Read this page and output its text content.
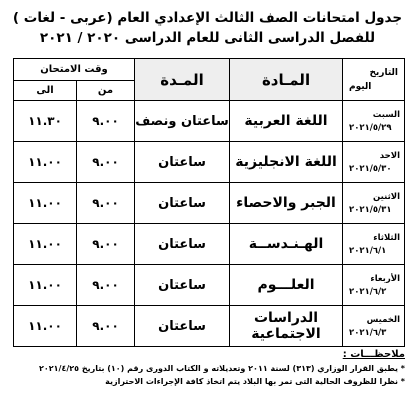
جدول امتحانات الصف الثالث الإعدادي العام (عربى - لغات )
للفصل الدراسى الثانى للعام الدراسى ٢٠٢٠ / ٢٠٢١
التاريخ
اليوم	المـادة	المـدة	وقت الامتحان	
			من	الى

السبت
٢٠٢١/٥/٢٩	اللغة العربية	ساعتان ونصف	٩.٠٠	١١.٣٠

الاحد
٢٠٢١/٥/٣٠	اللغة الانجليزية	ساعتان	٩.٠٠	١١.٠٠

الاثنين
٢٠٢١/٥/٣١	الجبر والاحصاء	ساعتان	٩.٠٠	١١.٠٠

الثلاثاء
٢٠٢١/٦/١	الهـنـدســة	ساعتان	٩.٠٠	١١.٠٠

الأربعاء
٢٠٢١/٦/٢	العلـــوم	ساعتان	٩.٠٠	١١.٠٠

الخميس
٢٠٢١/٦/٣	الدراسات الاجتماعية	ساعتان	٩.٠٠	١١.٠٠
ملاحظـــات :
* يطبق القرار الوزاري (٣١٣) لسنة ٢٠١١ وتعديلاته و الكتاب الدورى رقم (١٠) بتاريخ ٢٠٢١/٤/٢٥
* نظرا للظروف الحالية التى تمر بها البلاد يتم اتخاذ كافة الإجراءات الاحترازية
